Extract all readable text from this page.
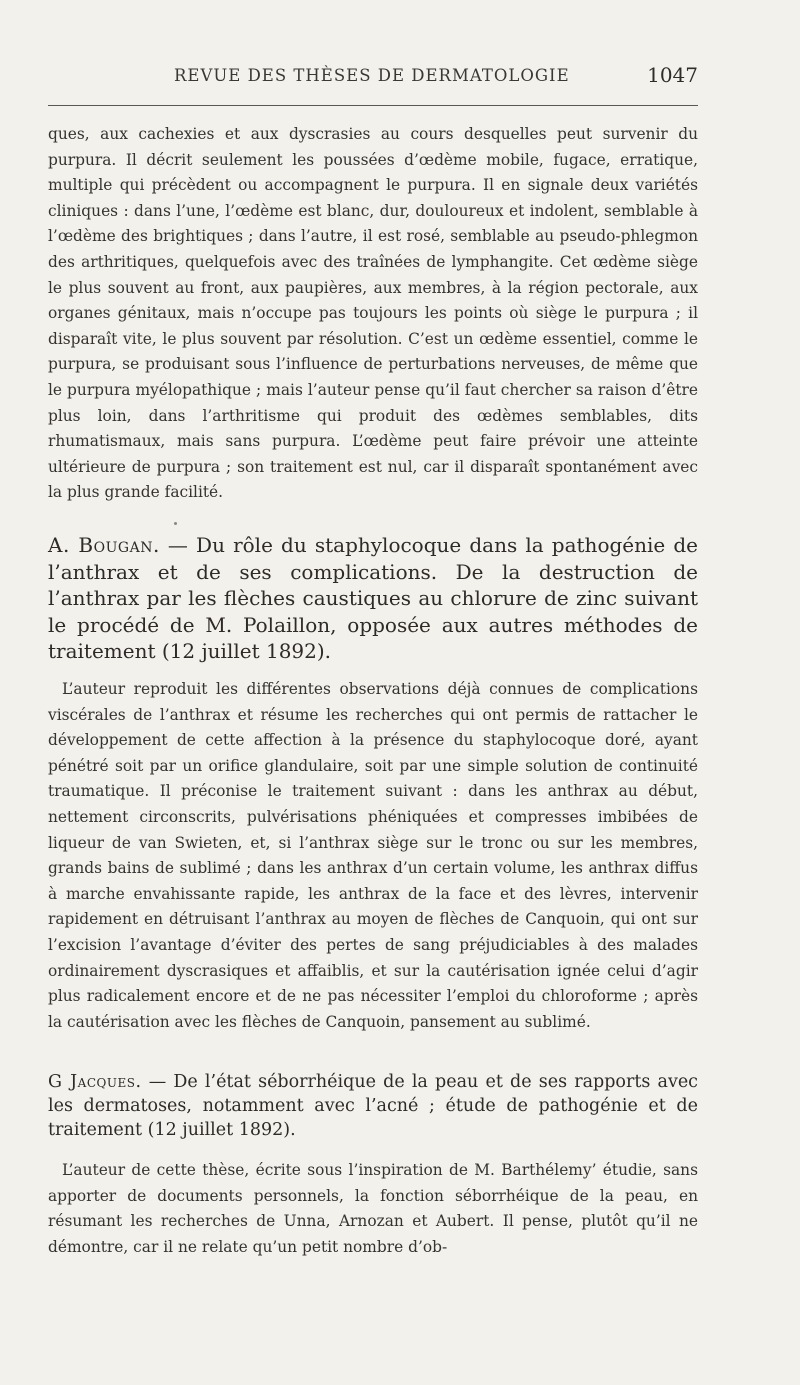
REVUE DES THÈSES DE DERMATOLOGIE	1047

ques, aux cachexies et aux dyscrasies au cours desquelles peut survenir du purpura. Il décrit seulement les poussées d’œdème mobile, fugace, erratique, multiple qui précèdent ou accompagnent le purpura. Il en signale deux variétés cliniques : dans l’une, l’œdème est blanc, dur, douloureux et indolent, semblable à l’œdème des brightiques ; dans l’autre, il est rosé, semblable au pseudo-phlegmon des arthritiques, quelquefois avec des traînées de lymphangite. Cet œdème siège le plus souvent au front, aux paupières, aux membres, à la région pectorale, aux organes génitaux, mais n’occupe pas toujours les points où siège le purpura ; il disparaît vite, le plus souvent par résolution. C’est un œdème essentiel, comme le purpura, se produisant sous l’influence de perturbations nerveuses, de même que le purpura myélopathique ; mais l’auteur pense qu’il faut chercher sa raison d’être plus loin, dans l’arthritisme qui produit des œdèmes semblables, dits rhumatismaux, mais sans purpura. L’œdème peut faire prévoir une atteinte ultérieure de purpura ; son traitement est nul, car il disparaît spontanément avec la plus grande facilité.

A. Bougan. — Du rôle du staphylocoque dans la pathogénie de l’anthrax et de ses complications. De la destruction de l’anthrax par les flèches caustiques au chlorure de zinc suivant le procédé de M. Polaillon, opposée aux autres méthodes de traitement (12 juillet 1892).

L’auteur reproduit les différentes observations déjà connues de complications viscérales de l’anthrax et résume les recherches qui ont permis de rattacher le développement de cette affection à la présence du staphylocoque doré, ayant pénétré soit par un orifice glandulaire, soit par une simple solution de continuité traumatique. Il préconise le traitement suivant : dans les anthrax au début, nettement circonscrits, pulvérisations phéniquées et compresses imbibées de liqueur de van Swieten, et, si l’anthrax siège sur le tronc ou sur les membres, grands bains de sublimé ; dans les anthrax d’un certain volume, les anthrax diffus à marche envahissante rapide, les anthrax de la face et des lèvres, intervenir rapidement en détruisant l’anthrax au moyen de flèches de Canquoin, qui ont sur l’excision l’avantage d’éviter des pertes de sang préjudiciables à des malades ordinairement dyscrasiques et affaiblis, et sur la cautérisation ignée celui d’agir plus radicalement encore et de ne pas nécessiter l’emploi du chloroforme ; après la cautérisation avec les flèches de Canquoin, pansement au sublimé.

G Jacques. — De l’état séborrhéique de la peau et de ses rapports avec les dermatoses, notamment avec l’acné ; étude de pathogénie et de traitement (12 juillet 1892).

L’auteur de cette thèse, écrite sous l’inspiration de M. Barthélemy’ étudie, sans apporter de documents personnels, la fonction séborrhéique de la peau, en résumant les recherches de Unna, Arnozan et Aubert. Il pense, plutôt qu’il ne démontre, car il ne relate qu’un petit nombre d’ob-
